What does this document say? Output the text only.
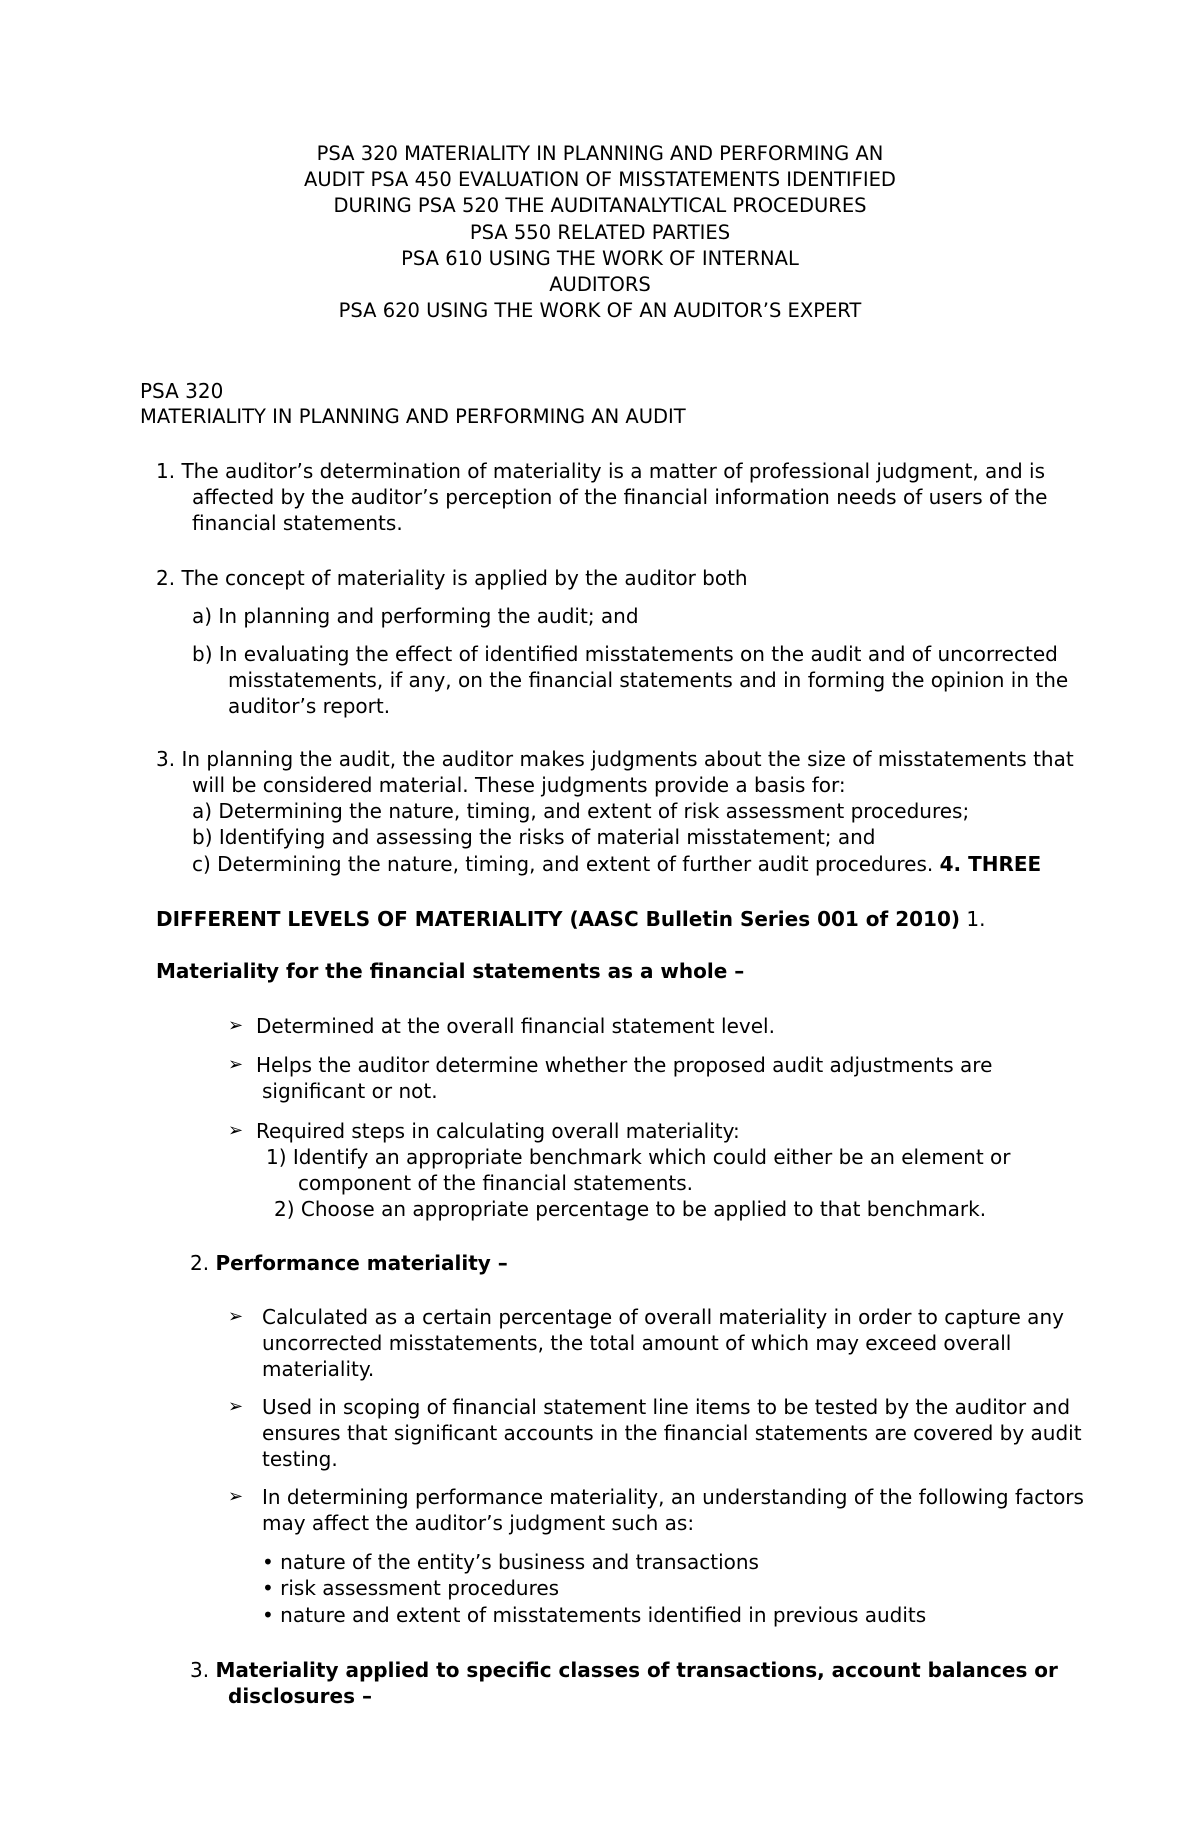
PSA 320 MATERIALITY IN PLANNING AND PERFORMING AN
AUDIT PSA 450 EVALUATION OF MISSTATEMENTS IDENTIFIED
DURING PSA 520 THE AUDITANALYTICAL PROCEDURES
PSA 550 RELATED PARTIES
PSA 610 USING THE WORK OF INTERNAL
AUDITORS
PSA 620 USING THE WORK OF AN AUDITOR’S EXPERT
PSA 320
MATERIALITY IN PLANNING AND PERFORMING AN AUDIT
1. The auditor’s determination of materiality is a matter of professional judgment, and is
affected by the auditor’s perception of the financial information needs of users of the
financial statements.
2. The concept of materiality is applied by the auditor both
a) In planning and performing the audit; and
b) In evaluating the effect of identified misstatements on the audit and of uncorrected
misstatements, if any, on the financial statements and in forming the opinion in the
auditor’s report.
3. In planning the audit, the auditor makes judgments about the size of misstatements that
will be considered material. These judgments provide a basis for:
a) Determining the nature, timing, and extent of risk assessment procedures;
b) Identifying and assessing the risks of material misstatement; and
c) Determining the nature, timing, and extent of further audit procedures. 4. THREE
DIFFERENT LEVELS OF MATERIALITY (AASC Bulletin Series 001 of 2010) 1.
Materiality for the financial statements as a whole –
➢ Determined at the overall financial statement level.
➢ Helps the auditor determine whether the proposed audit adjustments are
significant or not.
➢ Required steps in calculating overall materiality:
1) Identify an appropriate benchmark which could either be an element or
component of the financial statements.
2) Choose an appropriate percentage to be applied to that benchmark.
2. Performance materiality –
➢ Calculated as a certain percentage of overall materiality in order to capture any
uncorrected misstatements, the total amount of which may exceed overall
materiality.
➢ Used in scoping of financial statement line items to be tested by the auditor and
ensures that significant accounts in the financial statements are covered by audit
testing.
➢ In determining performance materiality, an understanding of the following factors
may affect the auditor’s judgment such as:
• nature of the entity’s business and transactions
• risk assessment procedures
• nature and extent of misstatements identified in previous audits
3. Materiality applied to specific classes of transactions, account balances or
disclosures –
